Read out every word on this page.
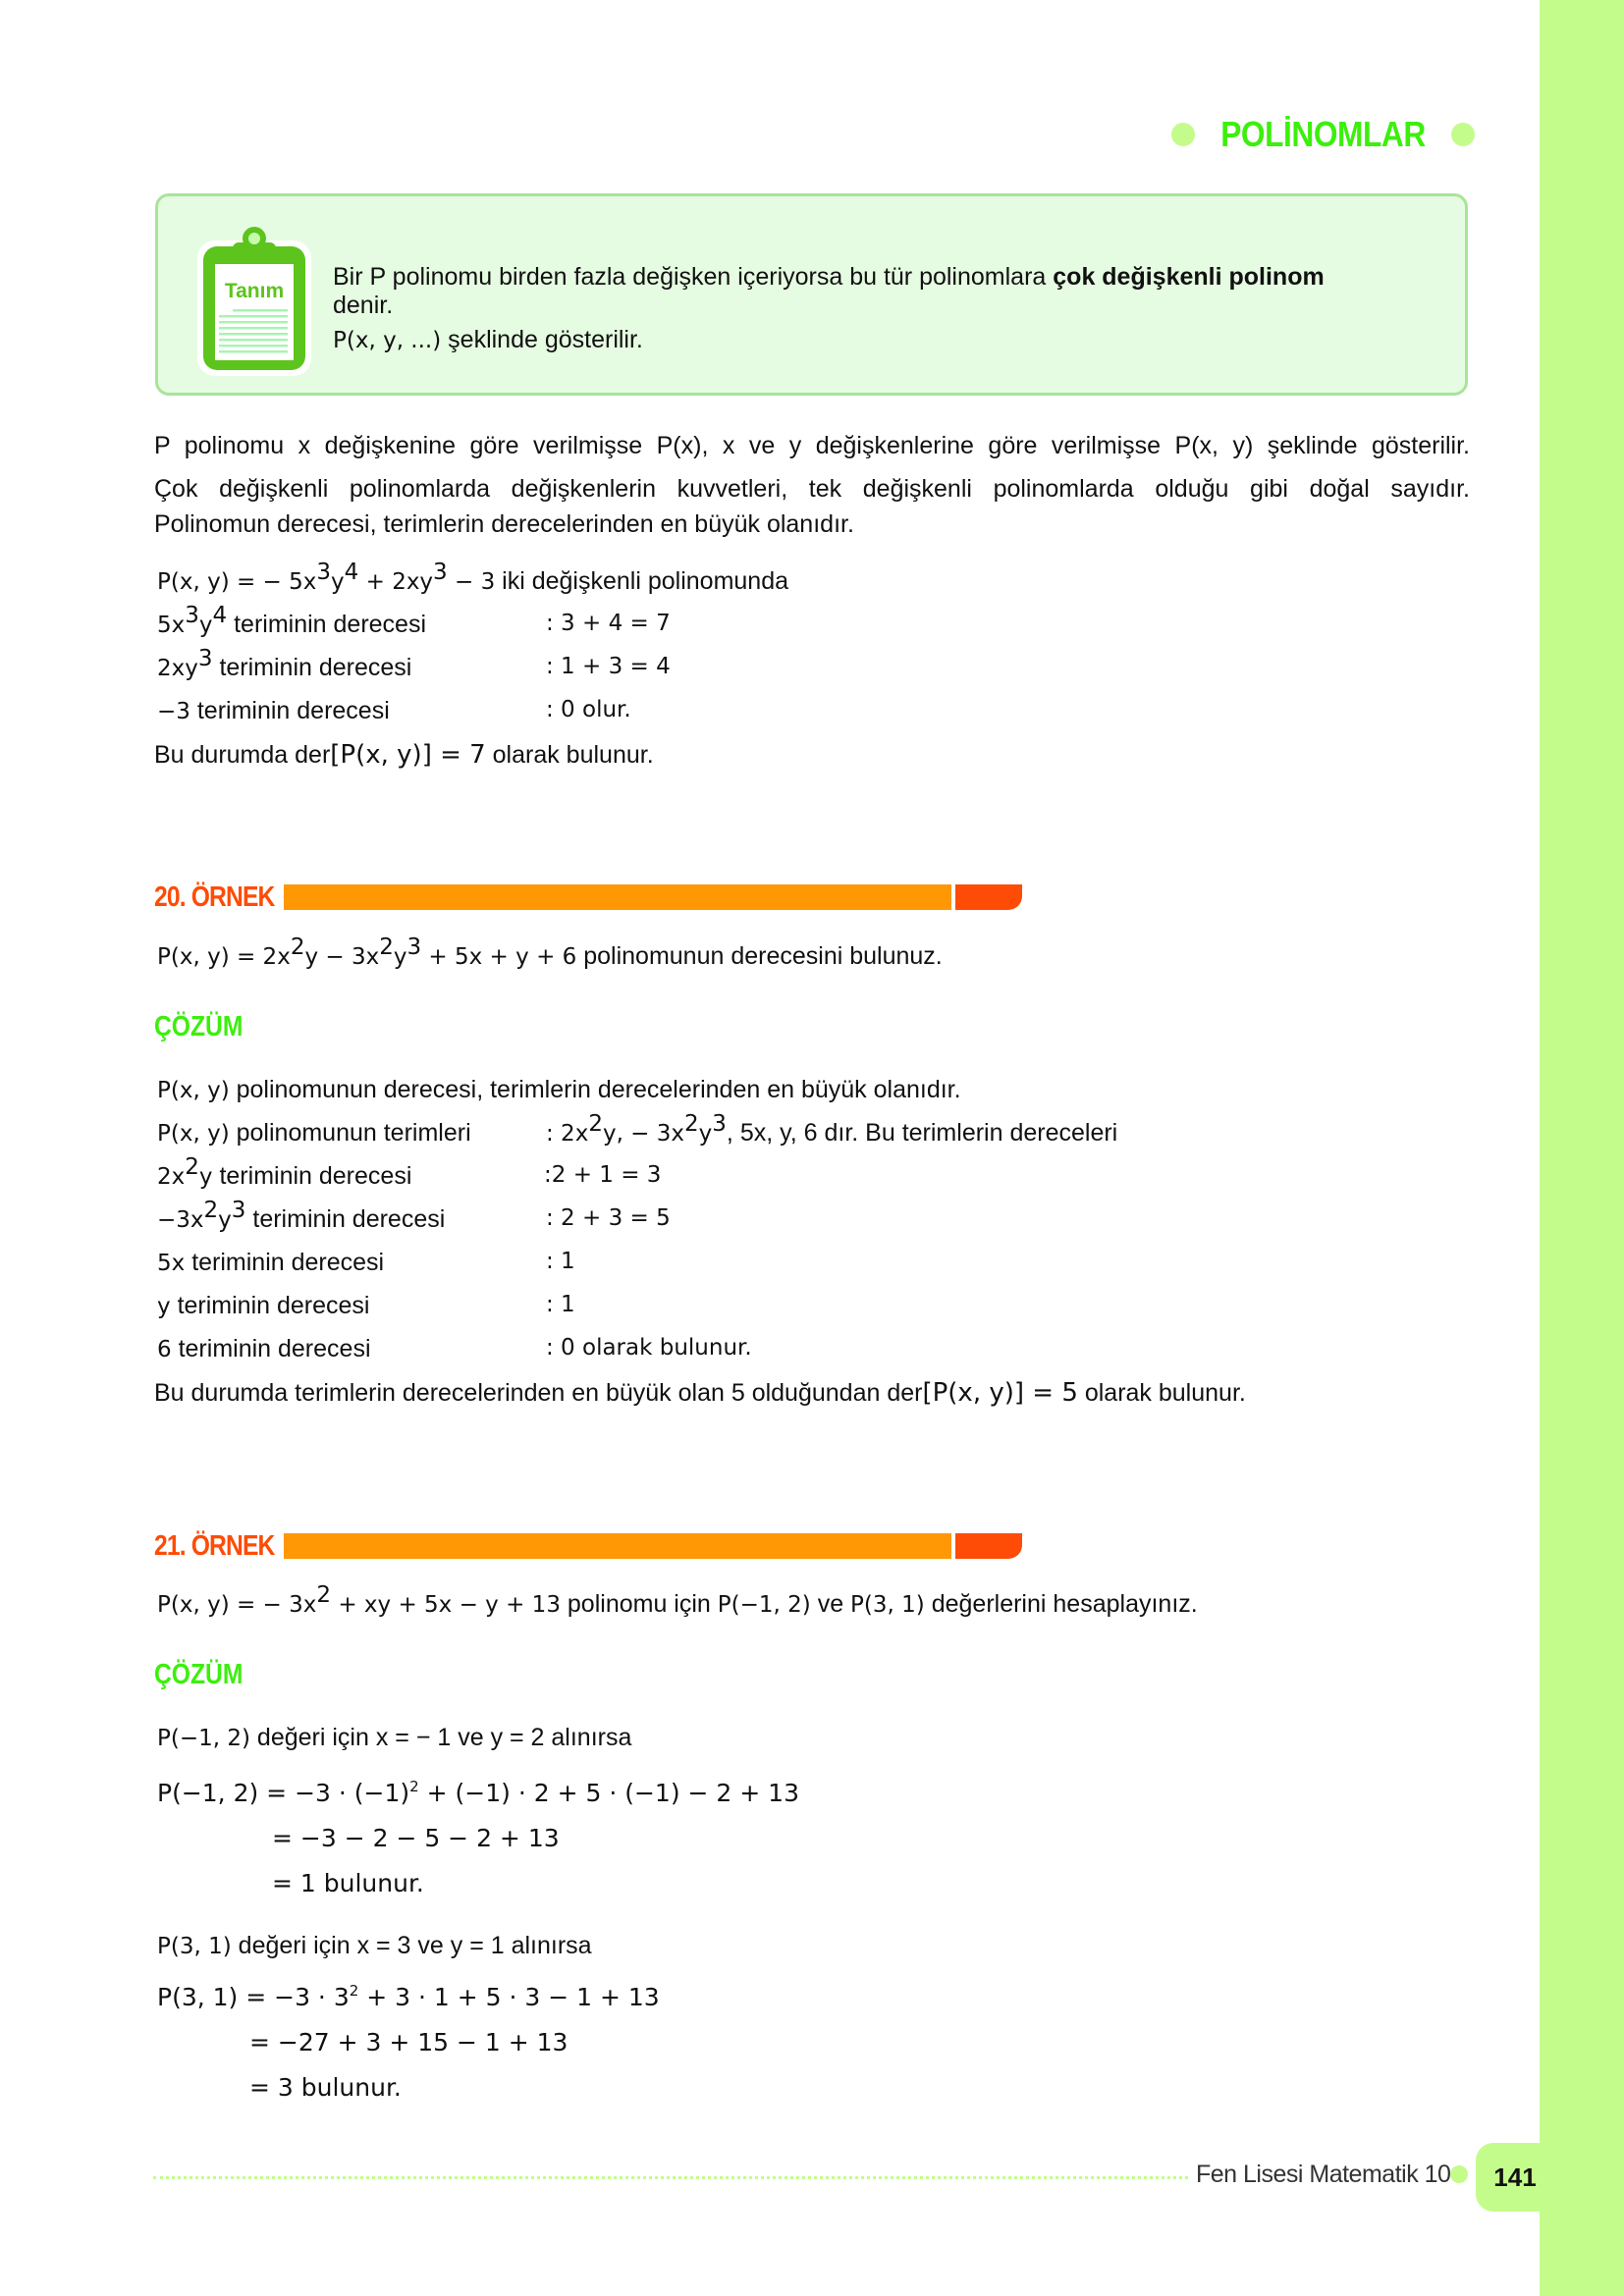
POLİNOMLAR
Tanım
Bir P polinomu birden fazla değişken içeriyorsa bu tür polinomlara çok değişkenli polinom
denir.
P(x, y, ...) şeklinde gösterilir.
P polinomu x değişkenine göre verilmişse P(x), x ve y değişkenlerine göre verilmişse P(x, y) şeklinde gösterilir.
Çok değişkenli polinomlarda değişkenlerin kuvvetleri, tek değişkenli polinomlarda olduğu gibi doğal sayıdır.
Polinomun derecesi, terimlerin derecelerinden en büyük olanıdır.
P(x, y) = − $5x^3y^4 + 2xy^3 - 3$ iki değişkenli polinomunda
$5x^3y^4$ teriminin derecesi	: 3 + 4 = 7
$2xy^3$ teriminin derecesi	: 1 + 3 = 4
−3 teriminin derecesi	: 0 olur.
Bu durumda der[P(x, y)] = 7 olarak bulunur.
20. ÖRNEK
P(x, $y) = 2x^2y - 3x^2y^3 + 5x + y + 6$ polinomunun derecesini bulunuz.
ÇÖZÜM
P(x, y) polinomunun derecesi, terimlerin derecelerinden en büyük olanıdır.
P(x, y) polinomunun terimleri	: $2x^2y$, − $3x^2y^3$, 5x, y, 6 dır. Bu terimlerin dereceleri
$2x^2y$ teriminin derecesi	:2 + 1 = 3
$-3x^2y^3$ teriminin derecesi	: 2 + 3 = 5
5x teriminin derecesi	: 1
y teriminin derecesi	: 1
6 teriminin derecesi	: 0 olarak bulunur.
Bu durumda terimlerin derecelerinden en büyük olan 5 olduğundan der[P(x, y)] = 5 olarak bulunur.
21. ÖRNEK
P(x, y) = − $3x^2$ + xy + 5x − y + 13 polinomu için P(−1, 2) ve P(3, 1) değerlerini hesaplayınız.
ÇÖZÜM
P(−1, 2) değeri için x = − 1 ve y = 2 alınırsa
P(−1, $2) = -3 \cdot (-1)^2 + (-1) \cdot 2 + 5 \cdot (-1) - 2 + 13$
= −3 − 2 − 5 − 2 + 13
= 1 bulunur.
P(3, 1) değeri için x = 3 ve y = 1 alınırsa
P(3, $1) = -3 \cdot 3^2 + 3 \cdot 1 + 5 \cdot 3 - 1 + 13$
= −27 + 3 + 15 − 1 + 13
= 3 bulunur.
Fen Lisesi Matematik 10	141
